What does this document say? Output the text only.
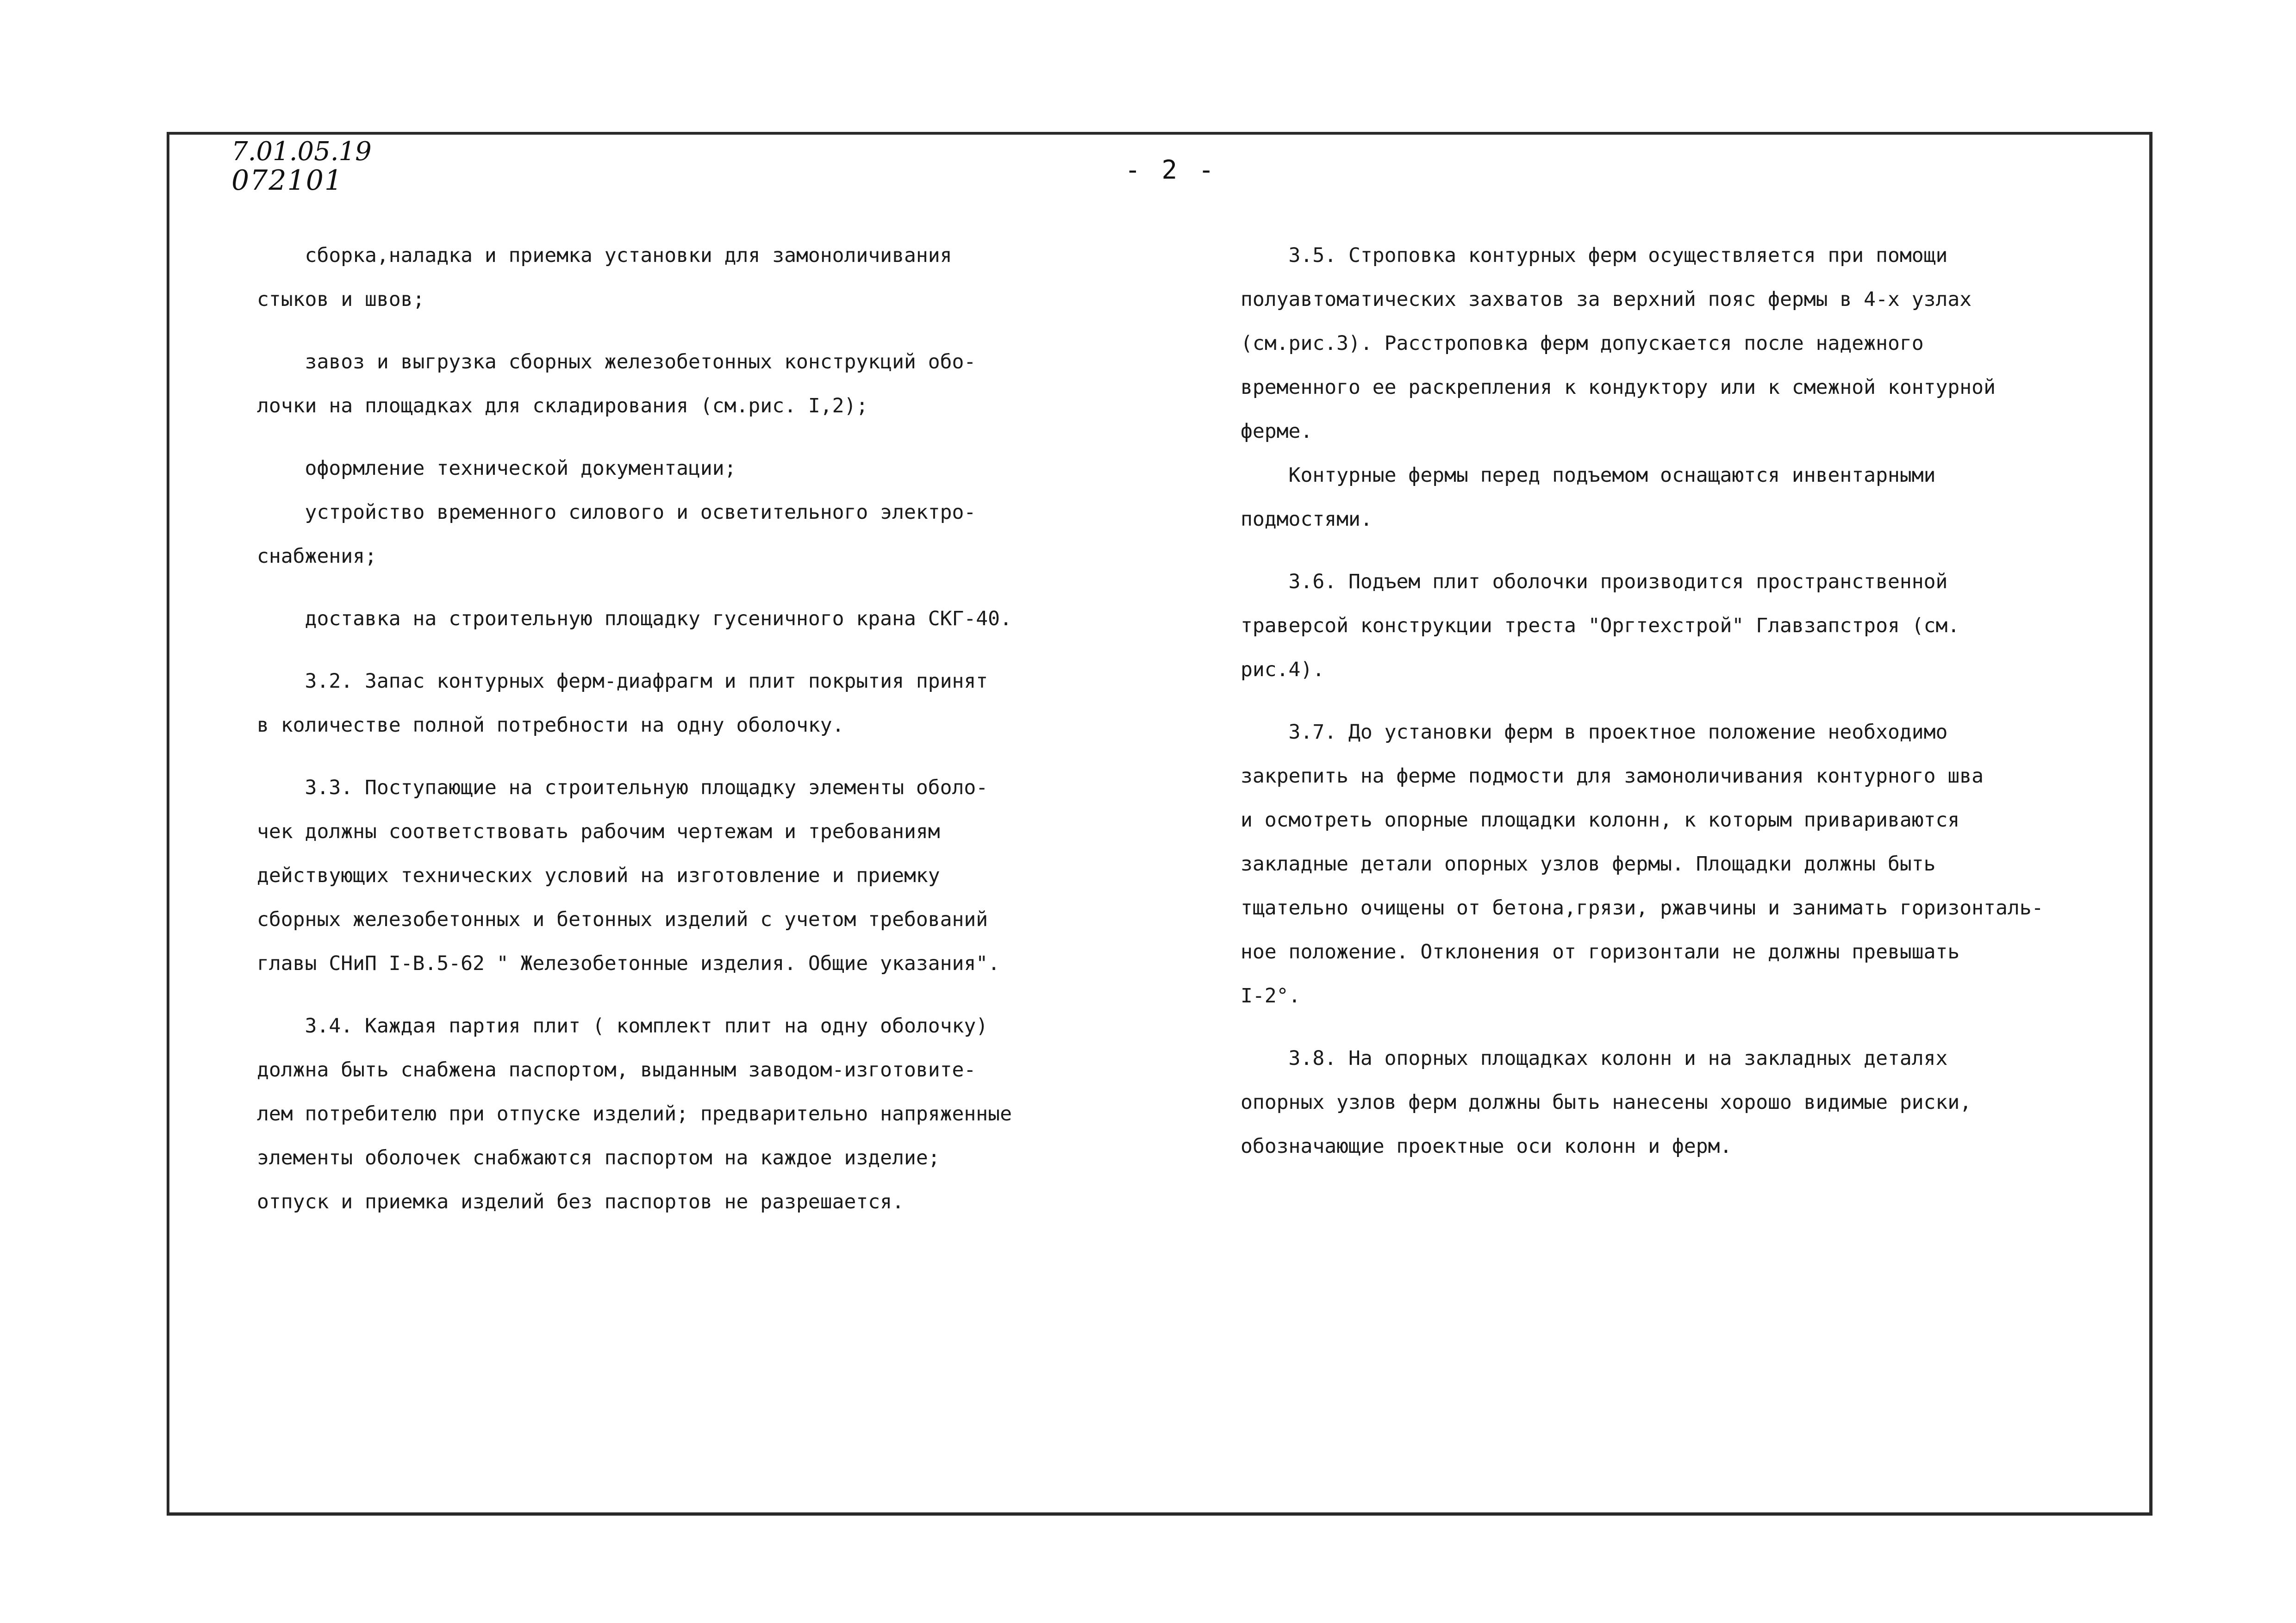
7.01.05.19
072101	- 2 -
сборка,наладка и приемка установки для замоноличивания
стыков и швов;
завоз и выгрузка сборных железобетонных конструкций обо-
лочки на площадках для складирования (см.рис. I,2);
оформление технической документации;
устройство временного силового и осветительного электро-
снабжения;
доставка на строительную площадку гусеничного крана СКГ-40.
3.2. Запас контурных ферм-диафрагм и плит покрытия принят
в количестве полной потребности на одну оболочку.
3.3. Поступающие на строительную площадку элементы оболо-
чек должны соответствовать рабочим чертежам и требованиям
действующих технических условий на изготовление и приемку
сборных железобетонных и бетонных изделий с учетом требований
главы СНиП I-В.5-62 " Железобетонные изделия. Общие указания".
3.4. Каждая партия плит ( комплект плит на одну оболочку)
должна быть снабжена паспортом, выданным заводом-изготовите-
лем потребителю при отпуске изделий; предварительно напряженные
элементы оболочек снабжаются паспортом на каждое изделие;
отпуск и приемка изделий без паспортов не разрешается.
3.5. Строповка контурных ферм осуществляется при помощи
полуавтоматических захватов за верхний пояс фермы в 4-х узлах
(см.рис.3). Расстроповка ферм допускается после надежного
временного ее раскрепления к кондуктору или к смежной контурной
ферме.
Контурные фермы перед подъемом оснащаются инвентарными
подмостями.
3.6. Подъем плит оболочки производится пространственной
траверсой конструкции треста "Оргтехстрой" Главзапстроя (см.
рис.4).
3.7. До установки ферм в проектное положение необходимо
закрепить на ферме подмости для замоноличивания контурного шва
и осмотреть опорные площадки колонн, к которым привариваются
закладные детали опорных узлов фермы. Площадки должны быть
тщательно очищены от бетона,грязи, ржавчины и занимать горизонталь-
ное положение. Отклонения от горизонтали не должны превышать
I-2°.
3.8. На опорных площадках колонн и на закладных деталях
опорных узлов ферм должны быть нанесены хорошо видимые риски,
обозначающие проектные оси колонн и ферм.
